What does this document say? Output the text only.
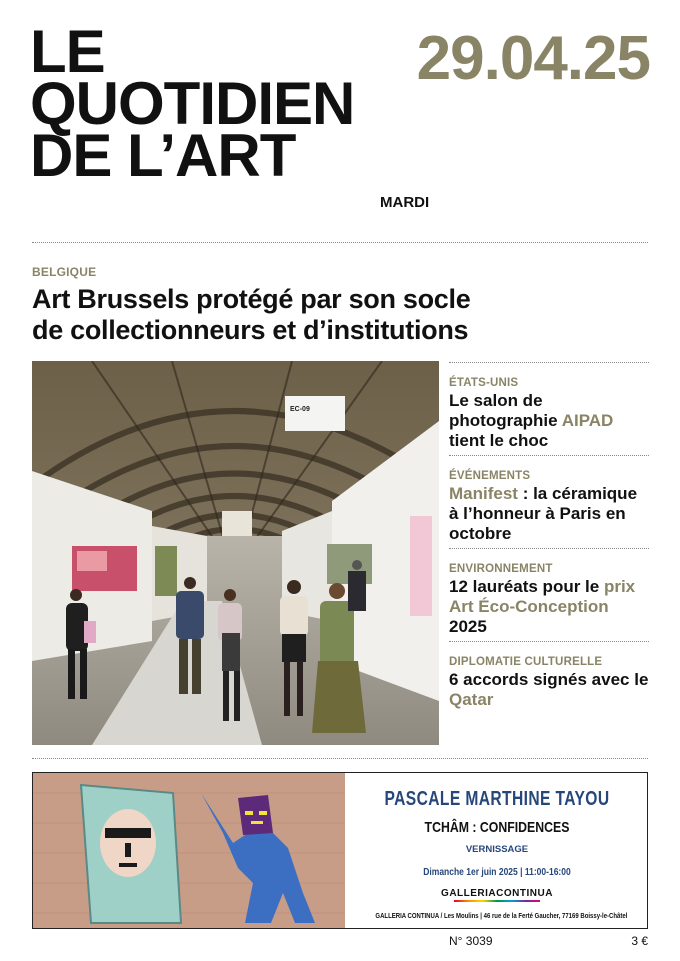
LE
QUOTIDIEN
DE L’ART
29.04.25
MARDI
BELGIQUE
Art Brussels protégé par son socle
de collectionneurs et d’institutions
EC-09
ÉTATS-UNIS
Le salon de photographie AIPAD tient le choc
ÉVÉNEMENTS
Manifest : la céramique à l’honneur à Paris en octobre
ENVIRONNEMENT
12 lauréats pour le prix Art Éco-Conception 2025
DIPLOMATIE CULTURELLE
6 accords signés avec le Qatar
PASCALE MARTHINE TAYOU
TCHÂM : CONFIDENCES
VERNISSAGE
Dimanche 1er juin 2025 | 11:00-16:00
GALLERIACONTINUA
GALLERIA CONTINUA / Les Moulins | 46 rue de la Ferté Gaucher, 77169 Boissy-le-Châtel
N° 3039	3 €
